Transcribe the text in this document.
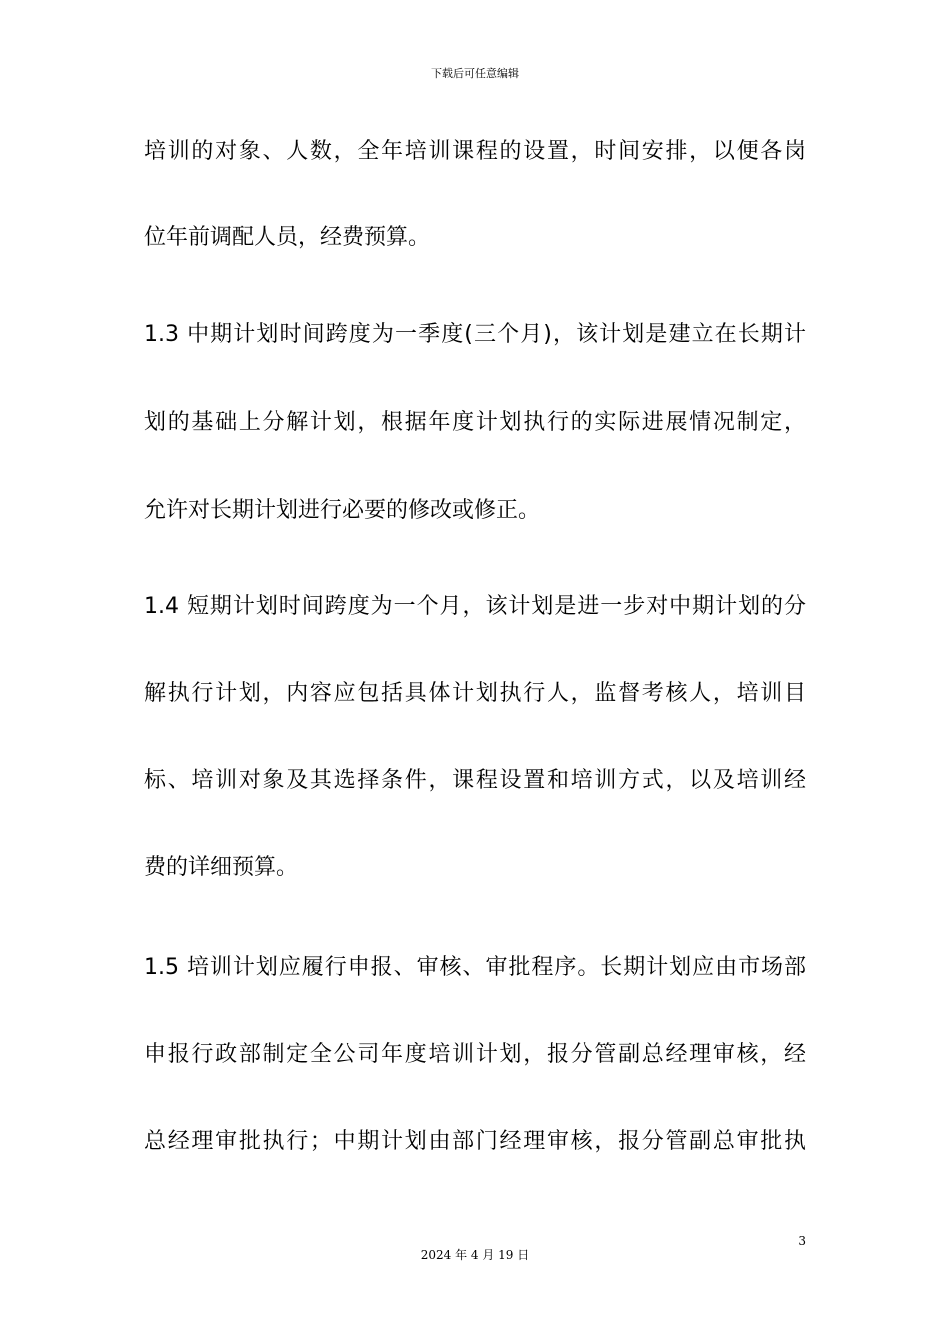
下载后可任意编辑
培训的对象、人数，全年培训课程的设置，时间安排，以便各岗
位年前调配人员，经费预算。
1.3 中期计划时间跨度为一季度(三个月)，该计划是建立在长期计
划的基础上分解计划，根据年度计划执行的实际进展情况制定，
允许对长期计划进行必要的修改或修正。
1.4 短期计划时间跨度为一个月，该计划是进一步对中期计划的分
解执行计划，内容应包括具体计划执行人，监督考核人，培训目
标、培训对象及其选择条件，课程设置和培训方式，以及培训经
费的详细预算。
1.5 培训计划应履行申报、审核、审批程序。长期计划应由市场部
申报行政部制定全公司年度培训计划，报分管副总经理审核，经
总经理审批执行；中期计划由部门经理审核，报分管副总审批执
3
2024 年 4 月 19 日
